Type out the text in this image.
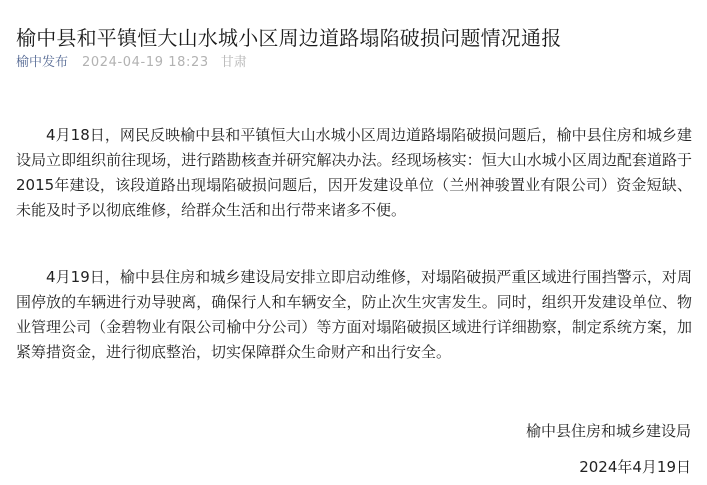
榆中县和平镇恒大山水城小区周边道路塌陷破损问题情况通报
榆中发布 2024-04-19 18:23 甘肃

4月18日，网民反映榆中县和平镇恒大山水城小区周边道路塌陷破损问题后，榆中县住房和城乡建设局立即组织前往现场，进行踏勘核查并研究解决办法。经现场核实：恒大山水城小区周边配套道路于2015年建设，该段道路出现塌陷破损问题后，因开发建设单位（兰州神骏置业有限公司）资金短缺、未能及时予以彻底维修，给群众生活和出行带来诸多不便。

4月19日，榆中县住房和城乡建设局安排立即启动维修，对塌陷破损严重区域进行围挡警示，对周围停放的车辆进行劝导驶离，确保行人和车辆安全，防止次生灾害发生。同时，组织开发建设单位、物业管理公司（金碧物业有限公司榆中分公司）等方面对塌陷破损区域进行详细勘察，制定系统方案，加紧筹措资金，进行彻底整治，切实保障群众生命财产和出行安全。

榆中县住房和城乡建设局
2024年4月19日
